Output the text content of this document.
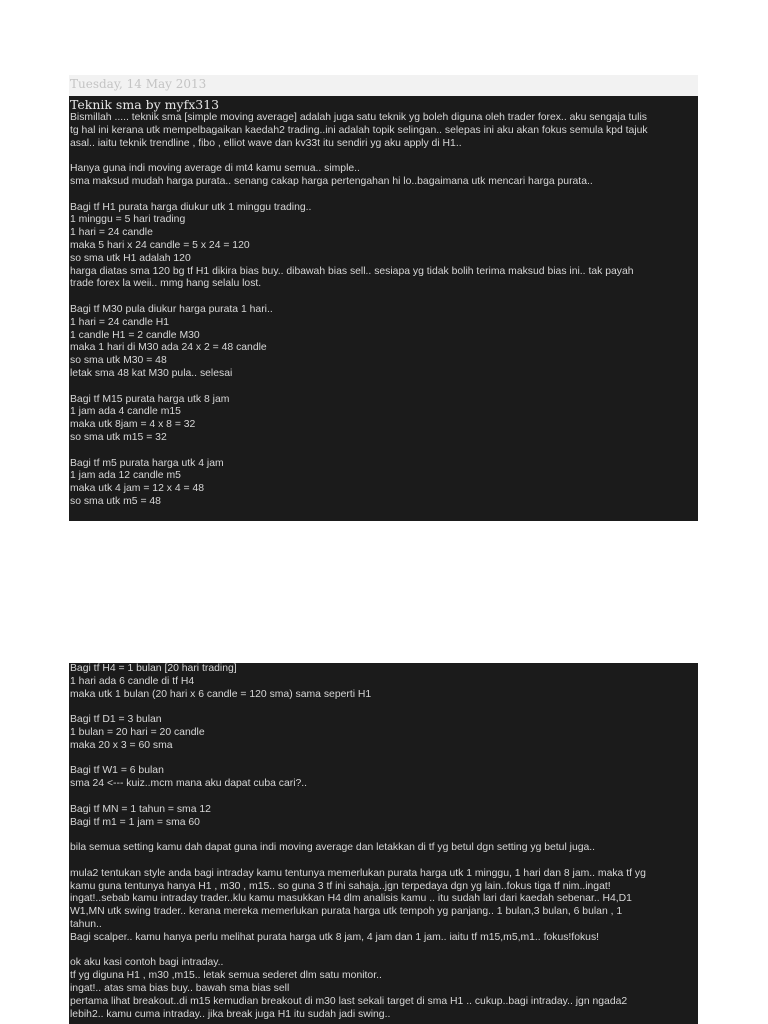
Tuesday, 14 May 2013
Teknik sma by myfx313
Bismillah ..... teknik sma [simple moving average] adalah juga satu teknik yg boleh diguna oleh trader forex.. aku sengaja tulis
tg hal ini kerana utk mempelbagaikan kaedah2 trading..ini adalah topik selingan.. selepas ini aku akan fokus semula kpd tajuk
asal.. iaitu teknik trendline , fibo , elliot wave dan kv33t itu sendiri yg aku apply di H1..
Hanya guna indi moving average di mt4 kamu semua.. simple..
sma maksud mudah harga purata.. senang cakap harga pertengahan hi lo..bagaimana utk mencari harga purata..
Bagi tf H1 purata harga diukur utk 1 minggu trading..
1 minggu = 5 hari trading
1 hari = 24 candle
maka 5 hari x 24 candle = 5 x 24 = 120
so sma utk H1 adalah 120
harga diatas sma 120 bg tf H1 dikira bias buy.. dibawah bias sell.. sesiapa yg tidak bolih terima maksud bias ini.. tak payah
trade forex la weii.. mmg hang selalu lost.
Bagi tf M30 pula diukur harga purata 1 hari..
1 hari = 24 candle H1
1 candle H1 = 2 candle M30
maka 1 hari di M30 ada 24 x 2 = 48 candle
so sma utk M30 = 48
letak sma 48 kat M30 pula.. selesai
Bagi tf M15 purata harga utk 8 jam
1 jam ada 4 candle m15
maka utk 8jam = 4 x 8 = 32
so sma utk m15 = 32
Bagi tf m5 purata harga utk 4 jam
1 jam ada 12 candle m5
maka utk 4 jam = 12 x 4 = 48
so sma utk m5 = 48
Bagi tf H4 = 1 bulan [20 hari trading]
1 hari ada 6 candle di tf H4
maka utk 1 bulan (20 hari x 6 candle = 120 sma) sama seperti H1
Bagi tf D1 = 3 bulan
1 bulan = 20 hari = 20 candle
maka 20 x 3 = 60 sma
Bagi tf W1 = 6 bulan
sma 24 <--- kuiz..mcm mana aku dapat cuba cari?..
Bagi tf MN = 1 tahun = sma 12
Bagi tf m1 = 1 jam = sma 60
bila semua setting kamu dah dapat guna indi moving average dan letakkan di tf yg betul dgn setting yg betul juga..
mula2 tentukan style anda bagi intraday kamu tentunya memerlukan purata harga utk 1 minggu, 1 hari dan 8 jam.. maka tf yg
kamu guna tentunya hanya H1 , m30 , m15.. so guna 3 tf ini sahaja..jgn terpedaya dgn yg lain..fokus tiga tf nim..ingat!
ingat!..sebab kamu intraday trader..klu kamu masukkan H4 dlm analisis kamu .. itu sudah lari dari kaedah sebenar.. H4,D1
W1,MN utk swing trader.. kerana mereka memerlukan purata harga utk tempoh yg panjang.. 1 bulan,3 bulan, 6 bulan , 1
tahun..
Bagi scalper.. kamu hanya perlu melihat purata harga utk 8 jam, 4 jam dan 1 jam.. iaitu tf m15,m5,m1.. fokus!fokus!
ok aku kasi contoh bagi intraday..
tf yg diguna H1 , m30 ,m15.. letak semua sederet dlm satu monitor..
ingat!.. atas sma bias buy.. bawah sma bias sell
pertama lihat breakout..di m15 kemudian breakout di m30 last sekali target di sma H1 .. cukup..bagi intraday.. jgn ngada2
lebih2.. kamu cuma intraday.. jika break juga H1 itu sudah jadi swing..
